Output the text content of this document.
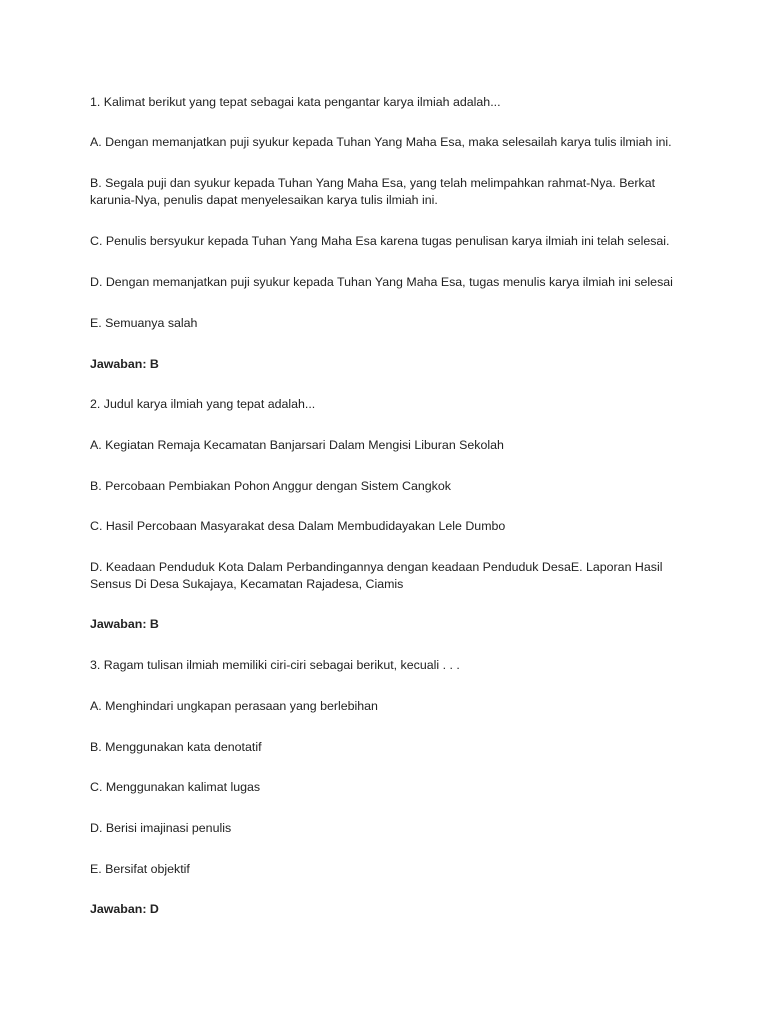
1. Kalimat berikut yang tepat sebagai kata pengantar karya ilmiah adalah...

A. Dengan memanjatkan puji syukur kepada Tuhan Yang Maha Esa, maka selesailah karya tulis ilmiah ini.

B. Segala puji dan syukur kepada Tuhan Yang Maha Esa, yang telah melimpahkan rahmat-Nya. Berkat karunia-Nya, penulis dapat menyelesaikan karya tulis ilmiah ini.

C. Penulis bersyukur kepada Tuhan Yang Maha Esa karena tugas penulisan karya ilmiah ini telah selesai.

D. Dengan memanjatkan puji syukur kepada Tuhan Yang Maha Esa, tugas menulis karya ilmiah ini selesai

E. Semuanya salah

Jawaban: B

2. Judul karya ilmiah yang tepat adalah...

A. Kegiatan Remaja Kecamatan Banjarsari Dalam Mengisi Liburan Sekolah

B. Percobaan Pembiakan Pohon Anggur dengan Sistem Cangkok

C. Hasil Percobaan Masyarakat desa Dalam Membudidayakan Lele Dumbo

D. Keadaan Penduduk Kota Dalam Perbandingannya dengan keadaan Penduduk DesaE. Laporan Hasil Sensus Di Desa Sukajaya, Kecamatan Rajadesa, Ciamis

Jawaban: B

3. Ragam tulisan ilmiah memiliki ciri-ciri sebagai berikut, kecuali . . .

A. Menghindari ungkapan perasaan yang berlebihan

B. Menggunakan kata denotatif

C. Menggunakan kalimat lugas

D. Berisi imajinasi penulis

E. Bersifat objektif

Jawaban: D
